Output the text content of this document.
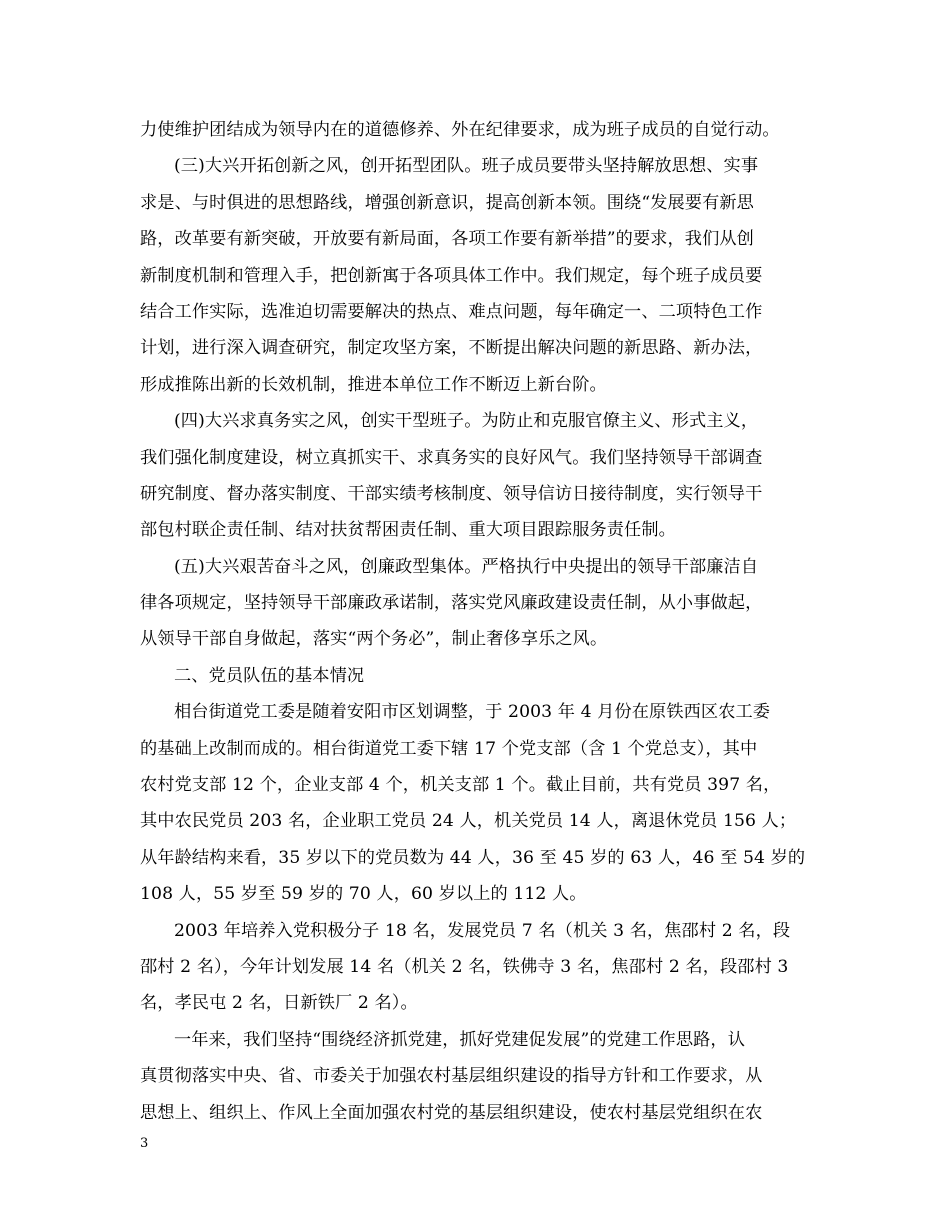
力使维护团结成为领导内在的道德修养、外在纪律要求，成为班子成员的自觉行动。
(三)大兴开拓创新之风，创开拓型团队。班子成员要带头坚持解放思想、实事
求是、与时俱进的思想路线，增强创新意识，提高创新本领。围绕“发展要有新思
路，改革要有新突破，开放要有新局面，各项工作要有新举措”的要求，我们从创
新制度机制和管理入手，把创新寓于各项具体工作中。我们规定，每个班子成员要
结合工作实际，选准迫切需要解决的热点、难点问题，每年确定一、二项特色工作
计划，进行深入调查研究，制定攻坚方案，不断提出解决问题的新思路、新办法，
形成推陈出新的长效机制，推进本单位工作不断迈上新台阶。
(四)大兴求真务实之风，创实干型班子。为防止和克服官僚主义、形式主义，
我们强化制度建设，树立真抓实干、求真务实的良好风气。我们坚持领导干部调查
研究制度、督办落实制度、干部实绩考核制度、领导信访日接待制度，实行领导干
部包村联企责任制、结对扶贫帮困责任制、重大项目跟踪服务责任制。
(五)大兴艰苦奋斗之风，创廉政型集体。严格执行中央提出的领导干部廉洁自
律各项规定，坚持领导干部廉政承诺制，落实党风廉政建设责任制，从小事做起，
从领导干部自身做起，落实“两个务必”，制止奢侈享乐之风。
二、党员队伍的基本情况
相台街道党工委是随着安阳市区划调整，于 2003 年 4 月份在原铁西区农工委
的基础上改制而成的。相台街道党工委下辖 17 个党支部（含 1 个党总支），其中
农村党支部 12 个，企业支部 4 个，机关支部 1 个。截止目前，共有党员 397 名，
其中农民党员 203 名，企业职工党员 24 人，机关党员 14 人，离退休党员 156 人；
从年龄结构来看，35 岁以下的党员数为 44 人，36 至 45 岁的 63 人，46 至 54 岁的
108 人，55 岁至 59 岁的 70 人，60 岁以上的 112 人。
2003 年培养入党积极分子 18 名，发展党员 7 名（机关 3 名，焦邵村 2 名，段
邵村 2 名），今年计划发展 14 名（机关 2 名，铁佛寺 3 名，焦邵村 2 名，段邵村 3
名，孝民屯 2 名，日新铁厂 2 名）。
一年来，我们坚持“围绕经济抓党建，抓好党建促发展”的党建工作思路，认
真贯彻落实中央、省、市委关于加强农村基层组织建设的指导方针和工作要求，从
思想上、组织上、作风上全面加强农村党的基层组织建设，使农村基层党组织在农
3
